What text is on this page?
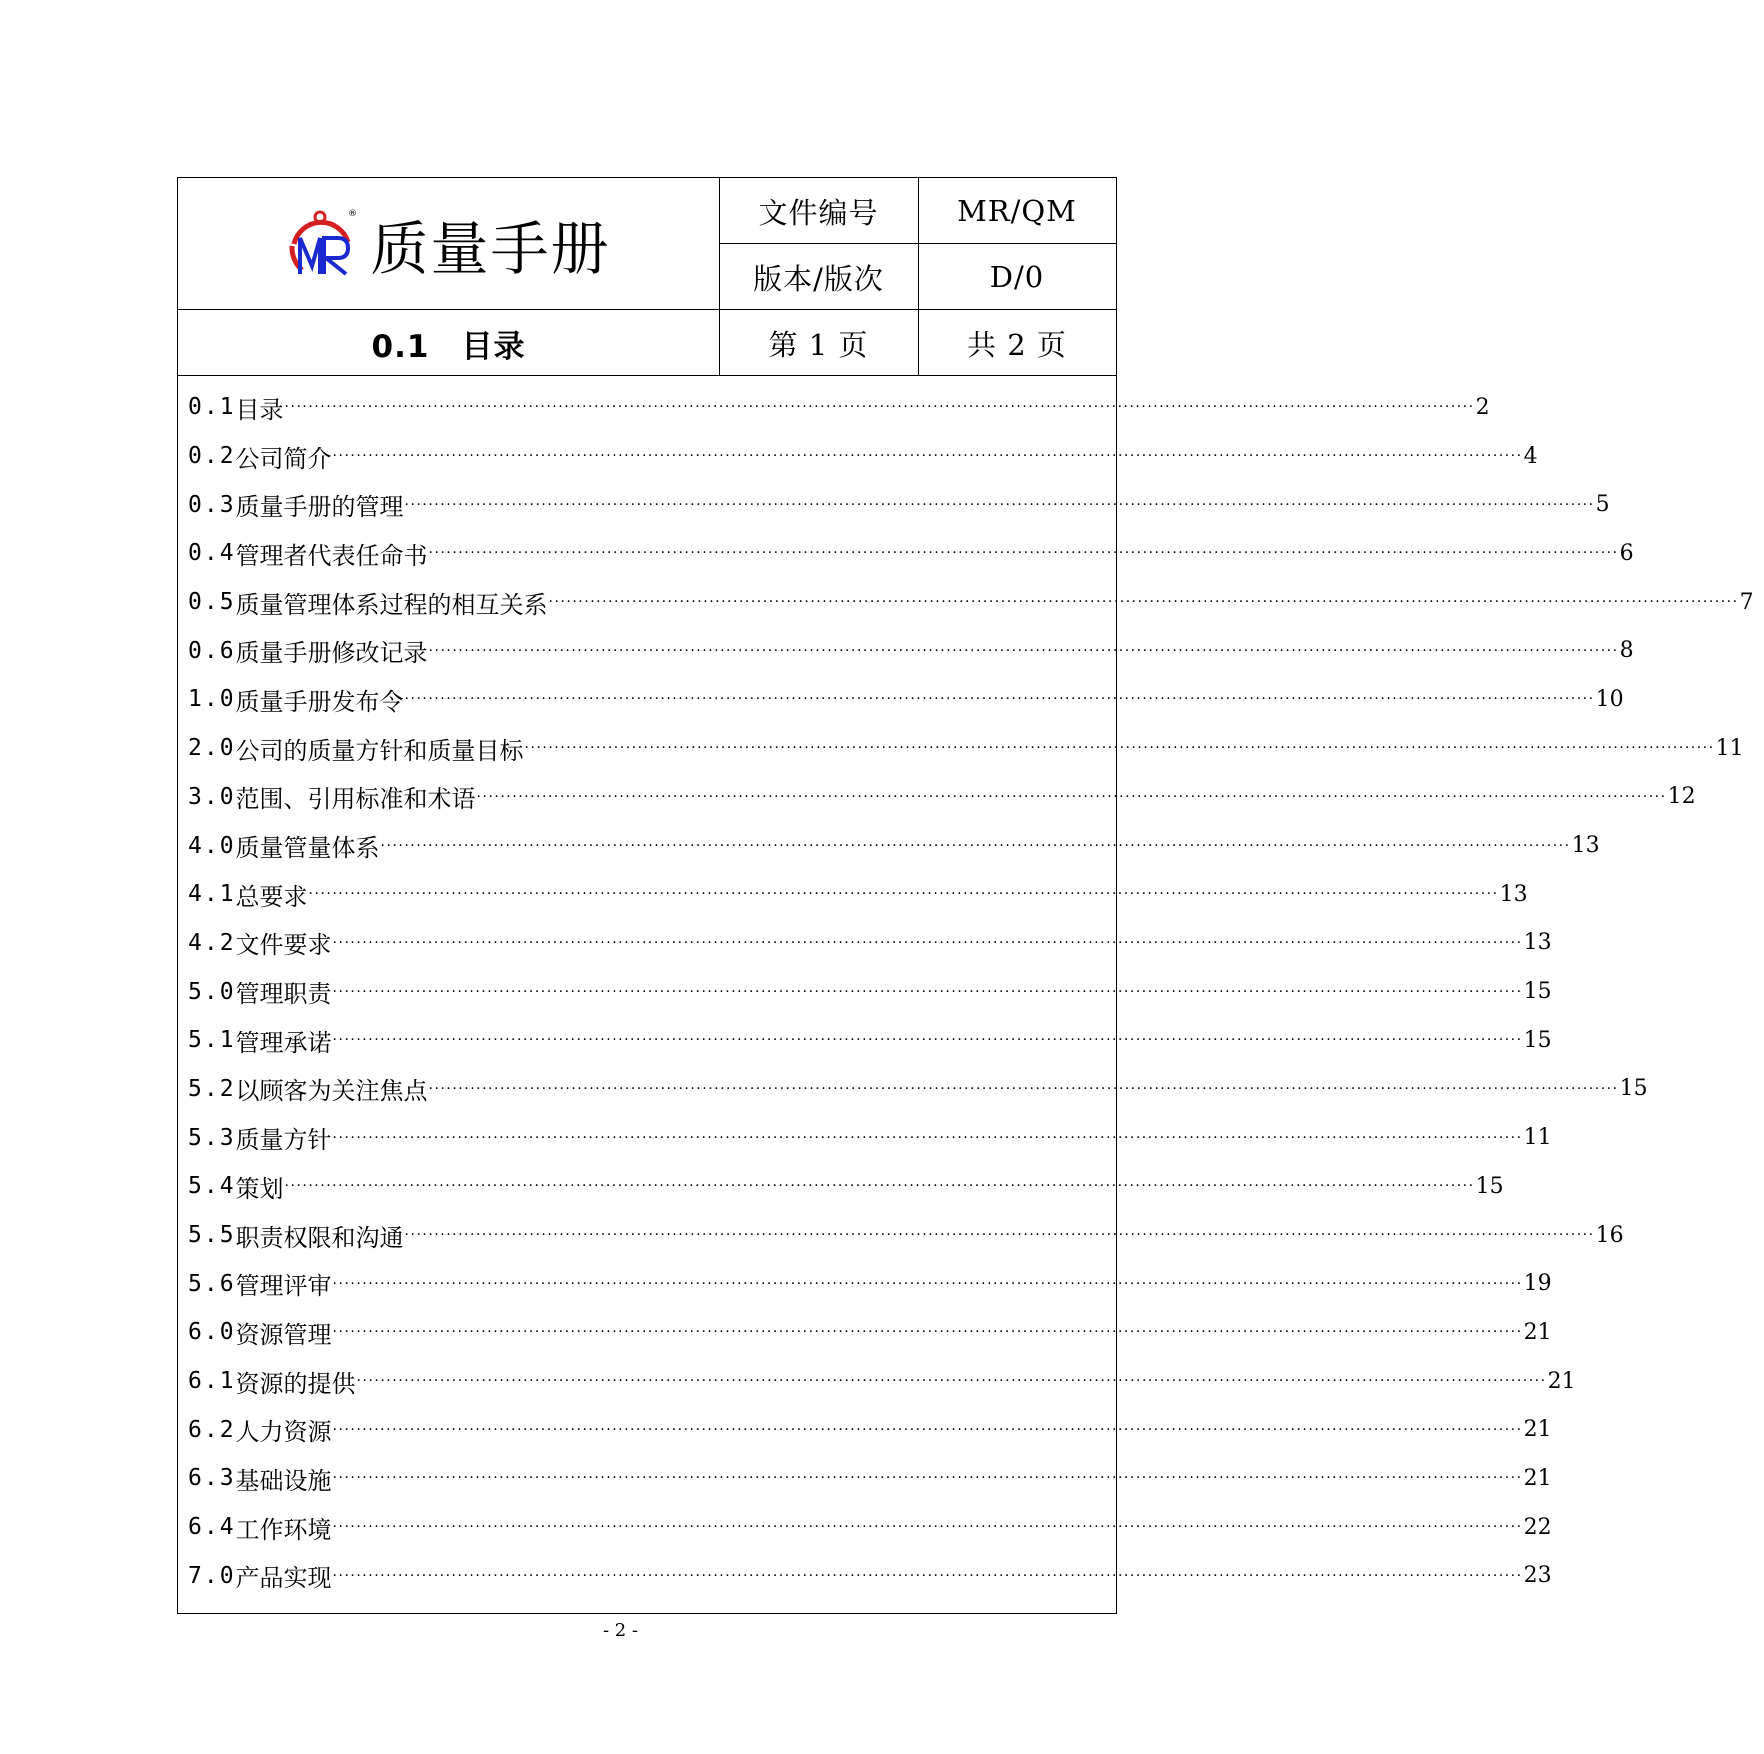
®
质量手册
文件编号	MR/QM
版本/版次	D/0
0.1　目录	第 1 页	共 2 页
0.1 目录 ········································································································································································································ 2
0.2 公司简介 ········································································································································································································ 4
0.3 质量手册的管理 ········································································································································································································ 5
0.4 管理者代表任命书 ········································································································································································································ 6
0.5 质量管理体系过程的相互关系 ········································································································································································································ 7
0.6 质量手册修改记录 ········································································································································································································ 8
1.0 质量手册发布令 ········································································································································································································ 10
2.0 公司的质量方针和质量目标 ········································································································································································································ 11
3.0 范围、引用标准和术语 ········································································································································································································ 12
4.0 质量管量体系 ········································································································································································································ 13
4.1 总要求 ········································································································································································································ 13
4.2 文件要求 ········································································································································································································ 13
5.0 管理职责 ········································································································································································································ 15
5.1 管理承诺 ········································································································································································································ 15
5.2 以顾客为关注焦点 ········································································································································································································ 15
5.3 质量方针 ········································································································································································································ 11
5.4 策划 ········································································································································································································ 15
5.5 职责权限和沟通 ········································································································································································································ 16
5.6 管理评审 ········································································································································································································ 19
6.0 资源管理 ········································································································································································································ 21
6.1 资源的提供 ········································································································································································································ 21
6.2 人力资源 ········································································································································································································ 21
6.3 基础设施 ········································································································································································································ 21
6.4 工作环境 ········································································································································································································ 22
7.0 产品实现 ········································································································································································································ 23
- 2 -
